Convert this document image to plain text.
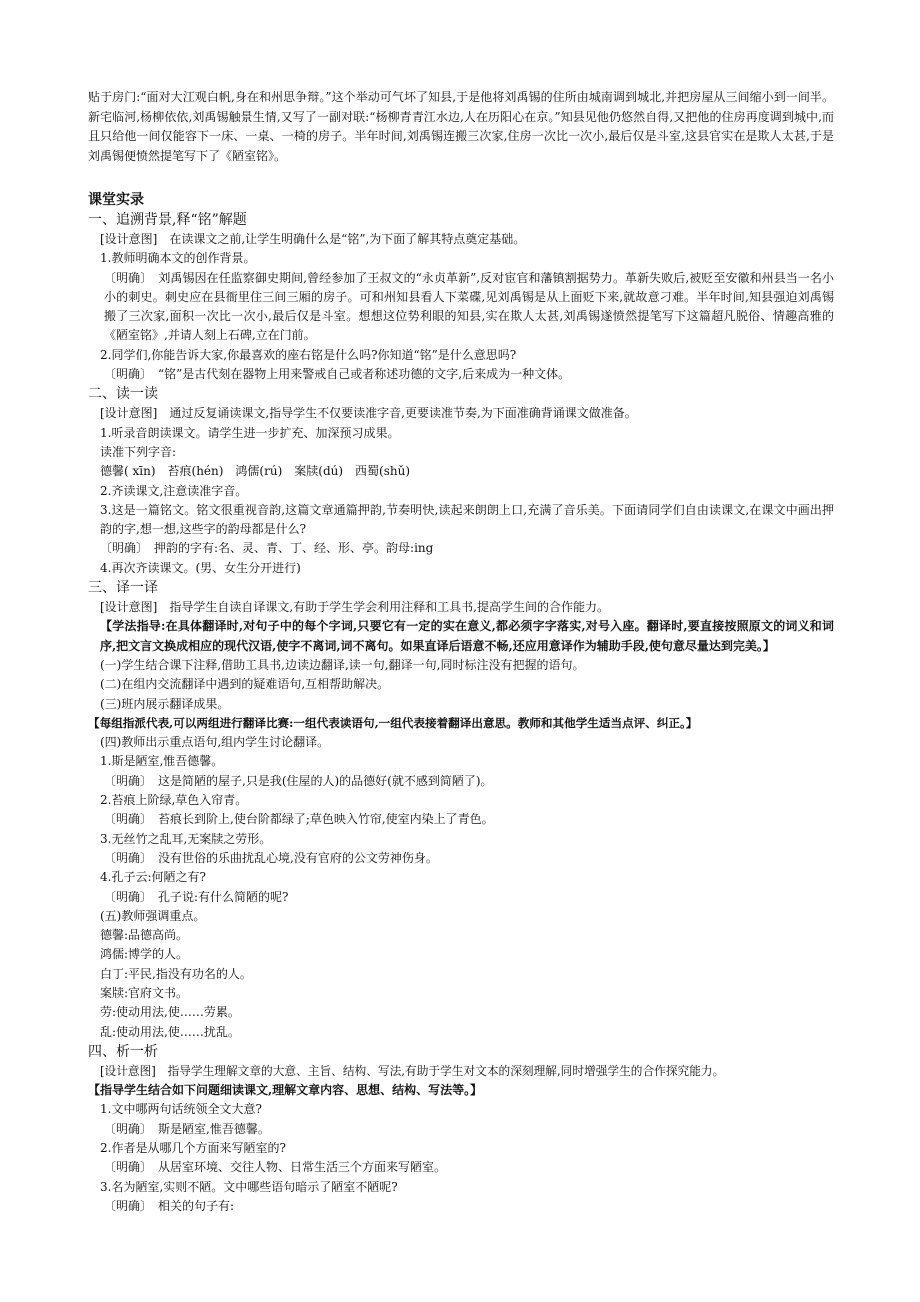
贴于房门:“面对大江观白帆,身在和州思争辩。”这个举动可气坏了知县,于是他将刘禹锡的住所由城南调到城北,并把房屋从三间缩小到一间半。新宅临河,杨柳依依,刘禹锡触景生情,又写了一副对联:“杨柳青青江水边,人在历阳心在京。”知县见他仍悠然自得,又把他的住房再度调到城中,而且只给他一间仅能容下一床、一桌、一椅的房子。半年时间,刘禹锡连搬三次家,住房一次比一次小,最后仅是斗室,这县官实在是欺人太甚,于是刘禹锡便愤然提笔写下了《陋室铭》。

课堂实录
一、追溯背景,释“铭”解题

[设计意图]　在读课文之前,让学生明确什么是“铭”,为下面了解其特点奠定基础。

1.教师明确本文的创作背景。

〔明确〕　刘禹锡因在任监察御史期间,曾经参加了王叔文的“永贞革新”,反对宦官和藩镇割据势力。革新失败后,被贬至安徽和州县当一名小小的刺史。刺史应在县衙里住三间三厢的房子。可和州知县看人下菜碟,见刘禹锡是从上面贬下来,就故意刁难。半年时间,知县强迫刘禹锡搬了三次家,面积一次比一次小,最后仅是斗室。想想这位势利眼的知县,实在欺人太甚,刘禹锡遂愤然提笔写下这篇超凡脱俗、情趣高雅的《陋室铭》,并请人刻上石碑,立在门前。

2.同学们,你能告诉大家,你最喜欢的座右铭是什么吗?你知道“铭”是什么意思吗?

〔明确〕　“铭”是古代刻在器物上用来警戒自己或者称述功德的文字,后来成为一种文体。

二、读一读

[设计意图]　通过反复诵读课文,指导学生不仅要读准字音,更要读准节奏,为下面准确背诵课文做准备。

1.听录音朗读课文。请学生进一步扩充、加深预习成果。

读准下列字音:

德馨( xīn)　苔痕(hén)　鸿儒(rú)　案牍(dú)　西蜀(shǔ)

2.齐读课文,注意读准字音。

3.这是一篇铭文。铭文很重视音韵,这篇文章通篇押韵,节奏明快,读起来朗朗上口,充满了音乐美。下面请同学们自由读课文,在课文中画出押韵的字,想一想,这些字的韵母都是什么?

〔明确〕　押韵的字有:名、灵、青、丁、经、形、亭。韵母:ing

4.再次齐读课文。(男、女生分开进行)

三、译一译

[设计意图]　指导学生自读自译课文,有助于学生学会利用注释和工具书,提高学生间的合作能力。

【学法指导:在具体翻译时,对句子中的每个字词,只要它有一定的实在意义,都必须字字落实,对号入座。翻译时,要直接按照原文的词义和词序,把文言文换成相应的现代汉语,使字不离词,词不离句。如果直译后语意不畅,还应用意译作为辅助手段,使句意尽量达到完美。】

(一)学生结合课下注释,借助工具书,边读边翻译,读一句,翻译一句,同时标注没有把握的语句。

(二)在组内交流翻译中遇到的疑难语句,互相帮助解决。

(三)班内展示翻译成果。

【每组指派代表,可以两组进行翻译比赛:一组代表读语句,一组代表接着翻译出意思。教师和其他学生适当点评、纠正。】

(四)教师出示重点语句,组内学生讨论翻译。

1.斯是陋室,惟吾德馨。

〔明确〕　这是简陋的屋子,只是我(住屋的人)的品德好(就不感到简陋了)。

2.苔痕上阶绿,草色入帘青。

〔明确〕　苔痕长到阶上,使台阶都绿了;草色映入竹帘,使室内染上了青色。

3.无丝竹之乱耳,无案牍之劳形。

〔明确〕　没有世俗的乐曲扰乱心境,没有官府的公文劳神伤身。

4.孔子云:何陋之有?

〔明确〕　孔子说:有什么简陋的呢?

(五)教师强调重点。

德馨:品德高尚。

鸿儒:博学的人。

白丁:平民,指没有功名的人。

案牍:官府文书。

劳:使动用法,使……劳累。

乱:使动用法,使……扰乱。

四、析一析

[设计意图]　指导学生理解文章的大意、主旨、结构、写法,有助于学生对文本的深刻理解,同时增强学生的合作探究能力。

【指导学生结合如下问题细读课文,理解文章内容、思想、结构、写法等。】

1.文中哪两句话统领全文大意?

〔明确〕　斯是陋室,惟吾德馨。

2.作者是从哪几个方面来写陋室的?

〔明确〕　从居室环境、交往人物、日常生活三个方面来写陋室。

3.名为陋室,实则不陋。文中哪些语句暗示了陋室不陋呢?

〔明确〕　相关的句子有:
